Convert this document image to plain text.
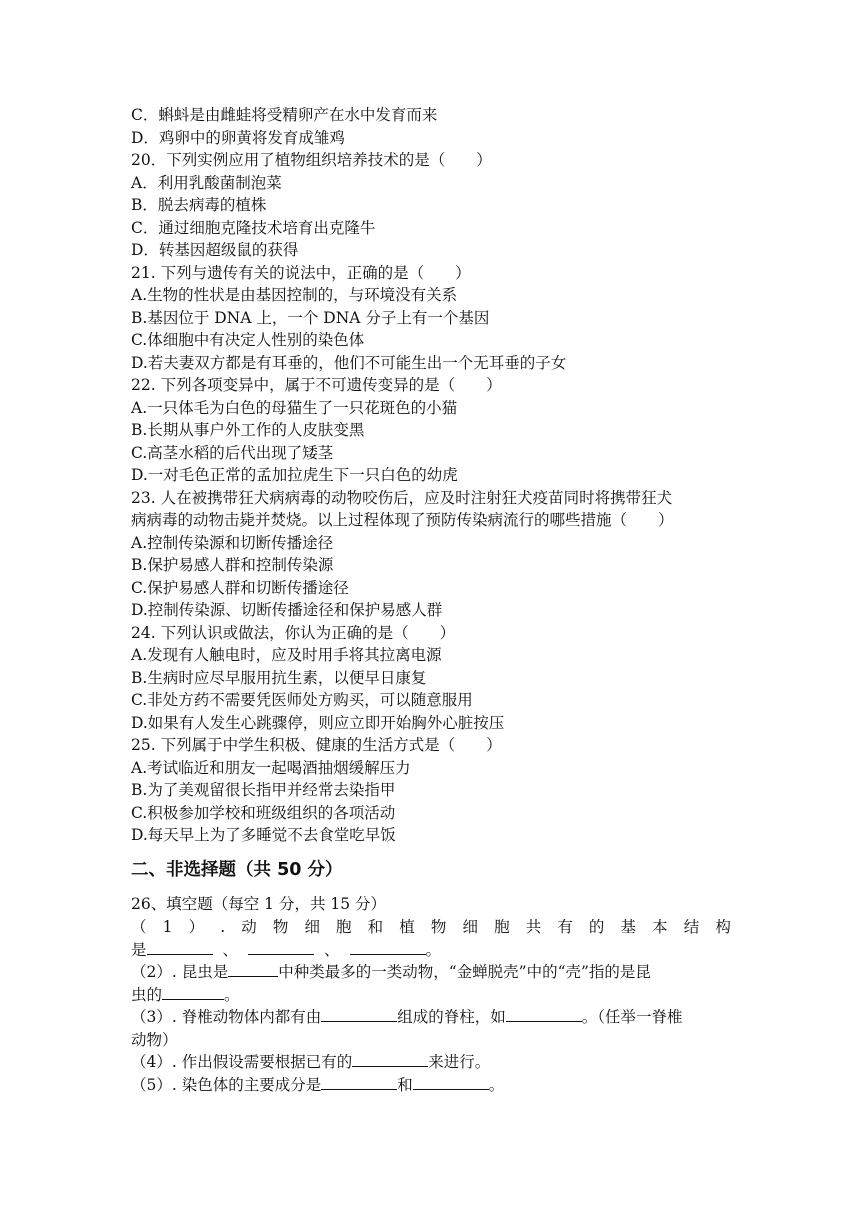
C．蝌蚪是由雌蛙将受精卵产在水中发育而来
D．鸡卵中的卵黄将发育成雏鸡
20．下列实例应用了植物组织培养技术的是（　　）
A．利用乳酸菌制泡菜
B．脱去病毒的植株
C．通过细胞克隆技术培育出克隆牛
D．转基因超级鼠的获得
21. 下列与遗传有关的说法中，正确的是（　　）
A.生物的性状是由基因控制的，与环境没有关系
B.基因位于 DNA 上，一个 DNA 分子上有一个基因
C.体细胞中有决定人性别的染色体
D.若夫妻双方都是有耳垂的，他们不可能生出一个无耳垂的子女
22. 下列各项变异中，属于不可遗传变异的是（　　）
A.一只体毛为白色的母猫生了一只花斑色的小猫
B.长期从事户外工作的人皮肤变黑
C.高茎水稻的后代出现了矮茎
D.一对毛色正常的孟加拉虎生下一只白色的幼虎
23. 人在被携带狂犬病病毒的动物咬伤后，应及时注射狂犬疫苗同时将携带狂犬
病病毒的动物击毙并焚烧。以上过程体现了预防传染病流行的哪些措施（　　）
A.控制传染源和切断传播途径
B.保护易感人群和控制传染源
C.保护易感人群和切断传播途径
D.控制传染源、切断传播途径和保护易感人群
24. 下列认识或做法，你认为正确的是（　　）
A.发现有人触电时，应及时用手将其拉离电源
B.生病时应尽早服用抗生素，以便早日康复
C.非处方药不需要凭医师处方购买，可以随意服用
D.如果有人发生心跳骤停，则应立即开始胸外心脏按压
25. 下列属于中学生积极、健康的生活方式是（　　）
A.考试临近和朋友一起喝酒抽烟缓解压力
B.为了美观留很长指甲并经常去染指甲
C.积极参加学校和班级组织的各项活动
D.每天早上为了多睡觉不去食堂吃早饭
二、非选择题（共 50 分）
26、填空题（每空 1 分，共 15 分）
（ 1 ） . 动 物 细 胞 和 植 物 细 胞 共 有 的 基 本 结 构
是	、	、	。
（2）. 昆虫是	中种类最多的一类动物，“金蝉脱壳”中的“壳”指的是昆
虫的	。
（3）. 脊椎动物体内都有由	组成的脊柱，如	。（任举一脊椎
动物）
（4）. 作出假设需要根据已有的	来进行。
（5）. 染色体的主要成分是	和	。
